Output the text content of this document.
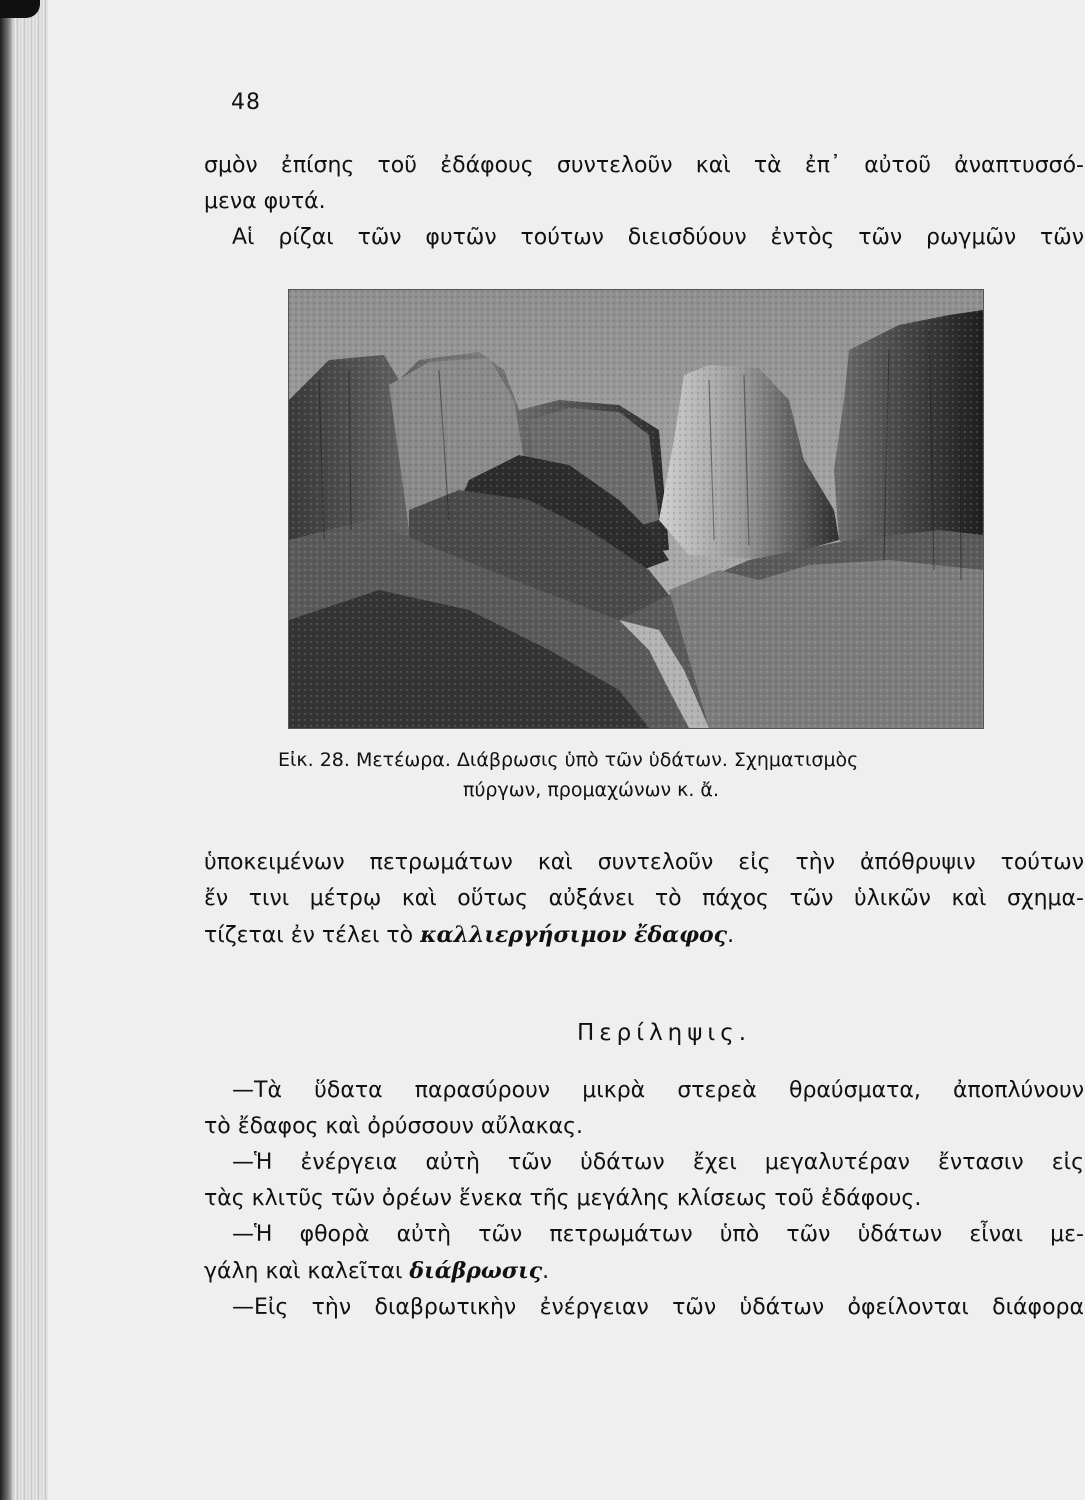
48
σμὸν ἐπίσης τοῦ ἐδάφους συντελοῦν καὶ τὰ ἐπ᾿ αὐτοῦ ἀναπτυσσό-
μενα φυτά.
Αἱ ρίζαι τῶν φυτῶν τούτων διεισδύουν ἐντὸς τῶν ρωγμῶν τῶν
Εἰκ. 28. Μετέωρα. Διάβρωσις ὑπὸ τῶν ὑδάτων. Σχηματισμὸς
πύργων, προμαχώνων κ. ἄ.
ὑποκειμένων πετρωμάτων καὶ συντελοῦν εἰς τὴν ἀπόθρυψιν τούτων
ἔν τινι μέτρῳ καὶ οὕτως αὐξάνει τὸ πάχος τῶν ὑλικῶν καὶ σχημα-
τίζεται ἐν τέλει τὸ καλλιεργήσιμον ἔδαφος.
Περίληψις.
—Τὰ ὕδατα παρασύρουν μικρὰ στερεὰ θραύσματα, ἀποπλύνουν
τὸ ἔδαφος καὶ ὀρύσσουν αὔλακας.
—Ἡ ἐνέργεια αὐτὴ τῶν ὑδάτων ἔχει μεγαλυτέραν ἔντασιν εἰς
τὰς κλιτῦς τῶν ὀρέων ἕνεκα τῆς μεγάλης κλίσεως τοῦ ἐδάφους.
—Ἡ φθορὰ αὐτὴ τῶν πετρωμάτων ὑπὸ τῶν ὑδάτων εἶναι με-
γάλη καὶ καλεῖται διάβρωσις.
—Εἰς τὴν διαβρωτικὴν ἐνέργειαν τῶν ὑδάτων ὀφείλονται διάφορα
